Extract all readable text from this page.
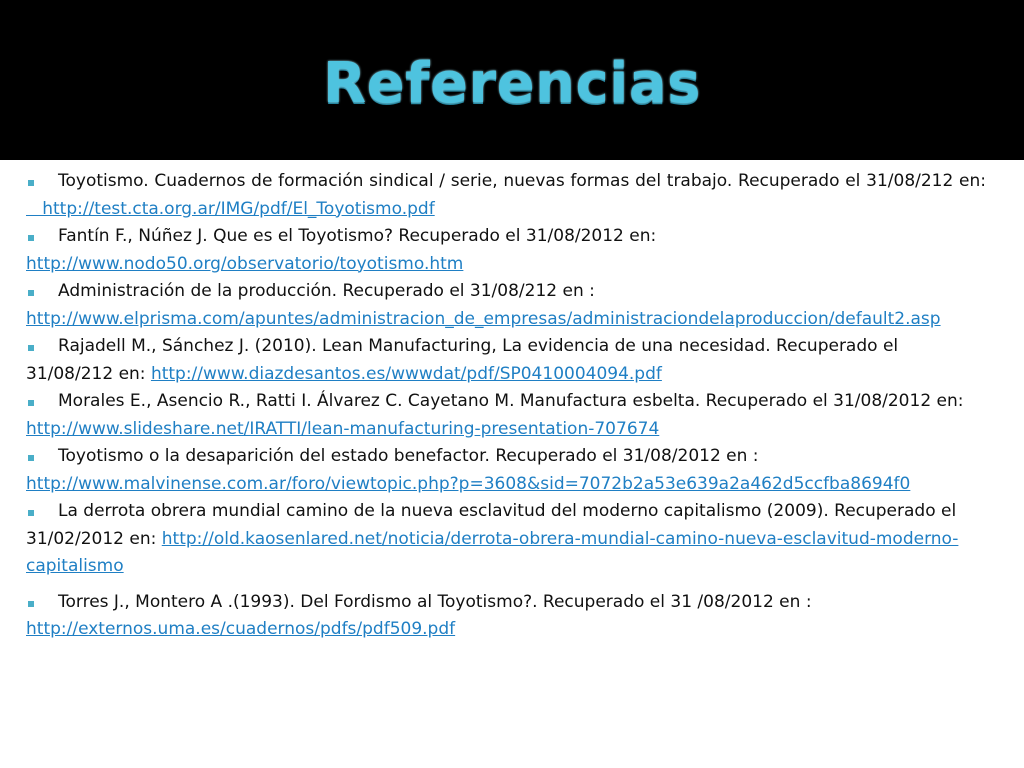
Referencias

Toyotismo. Cuadernos de formación sindical / serie, nuevas formas del trabajo. Recuperado el 31/08/212 en:    http://test.cta.org.ar/IMG/pdf/El_Toyotismo.pdf

Fantín F., Núñez J. Que es el Toyotismo? Recuperado el 31/08/2012 en:
http://www.nodo50.org/observatorio/toyotismo.htm

Administración de la producción. Recuperado el 31/08/212 en :
http://www.elprisma.com/apuntes/administracion_de_empresas/administraciondelaproduccion/default2.asp

Rajadell M., Sánchez J. (2010). Lean Manufacturing, La evidencia de una necesidad. Recuperado el 31/08/212 en: http://www.diazdesantos.es/wwwdat/pdf/SP0410004094.pdf

Morales E., Asencio R., Ratti I. Álvarez C. Cayetano M. Manufactura esbelta. Recuperado el 31/08/2012 en: http://www.slideshare.net/IRATTI/lean-manufacturing-presentation-707674

Toyotismo o la desaparición del estado benefactor. Recuperado el 31/08/2012 en :
http://www.malvinense.com.ar/foro/viewtopic.php?p=3608&sid=7072b2a53e639a2a462d5ccfba8694f0

La derrota obrera mundial camino de la nueva esclavitud del moderno capitalismo (2009). Recuperado el 31/02/2012 en: http://old.kaosenlared.net/noticia/derrota-obrera-mundial-camino-nueva-esclavitud-moderno-capitalismo

Torres J., Montero A .(1993). Del Fordismo al Toyotismo?. Recuperado el 31 /08/2012 en :
http://externos.uma.es/cuadernos/pdfs/pdf509.pdf
